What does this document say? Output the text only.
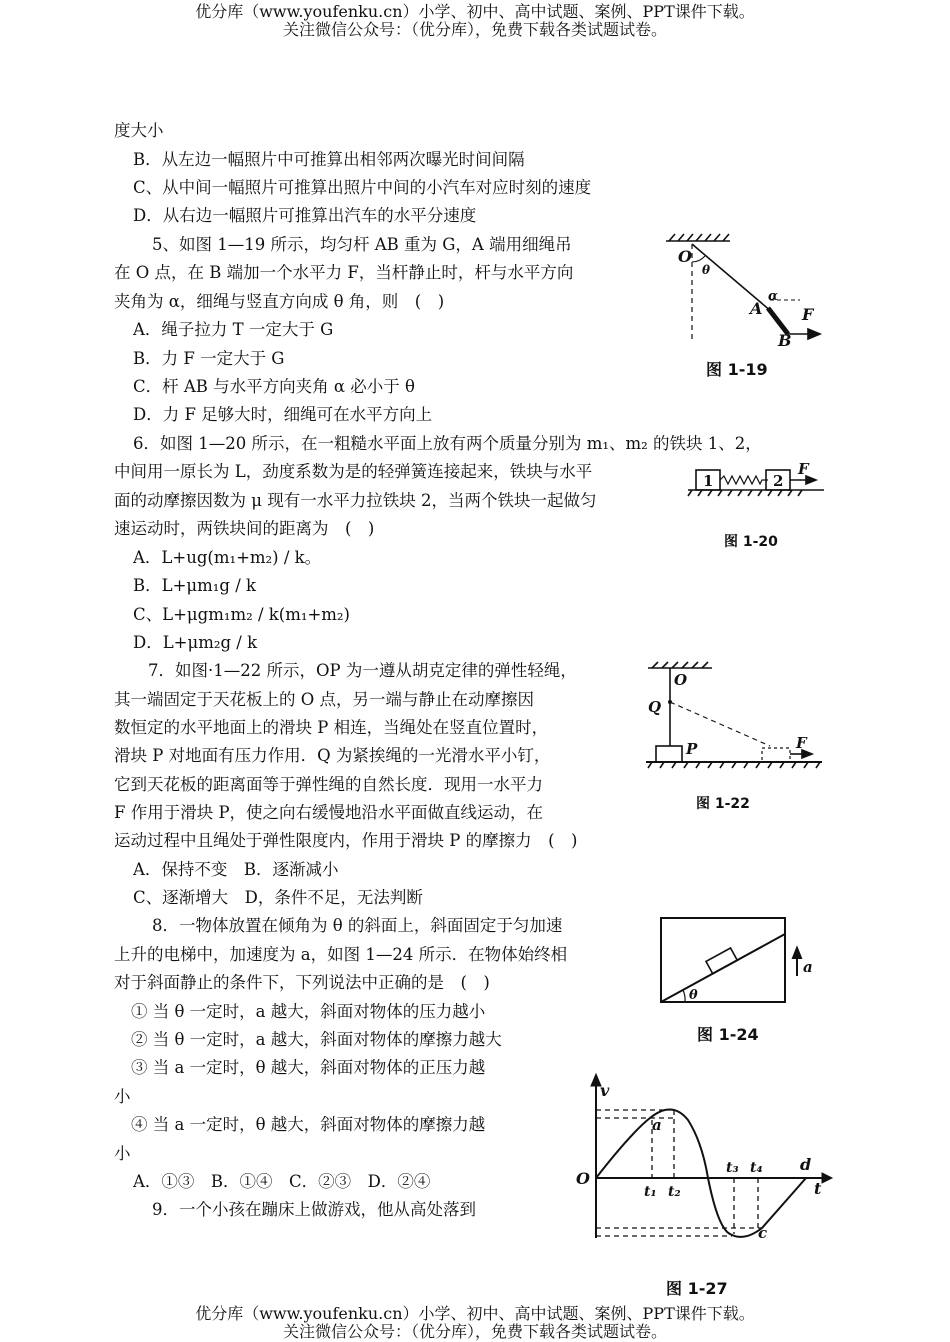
优分库（www.youfenku.cn）小学、初中、高中试题、案例、PPT课件下载。
关注微信公众号：（优分库），免费下载各类试题试卷。
度大小
B．从左边一幅照片中可推算出相邻两次曝光时间间隔
C、从中间一幅照片可推算出照片中间的小汽车对应时刻的速度
D．从右边一幅照片可推算出汽车的水平分速度
5、如图 1—19 所示，均匀杆 AB 重为 G，A 端用细绳吊
在 O 点，在 B 端加一个水平力 F，当杆静止时，杆与水平方向
夹角为 α，细绳与竖直方向成 θ 角，则　(　)
A．绳子拉力 T 一定大于 G
B．力 F 一定大于 G
C．杆 AB 与水平方向夹角 α 必小于 θ
D．力 F 足够大时，细绳可在水平方向上
6．如图 1—20 所示，在一粗糙水平面上放有两个质量分别为 m₁、m₂ 的铁块 1、2，
中间用一原长为 L，劲度系数为是的轻弹簧连接起来，铁块与水平
面的动摩擦因数为 μ 现有一水平力拉铁块 2，当两个铁块一起做匀
速运动时，两铁块间的距离为　(　)
A．L+ug(m₁+m₂) / k。
B．L+μm₁g / k
C、L+μgm₁m₂ / k(m₁+m₂)
D．L+μm₂g / k
7．如图·1—22 所示，OP 为一遵从胡克定律的弹性轻绳，
其一端固定于天花板上的 O 点，另一端与静止在动摩擦因
数恒定的水平地面上的滑块 P 相连，当绳处在竖直位置时，
滑块 P 对地面有压力作用．Q 为紧挨绳的一光滑水平小钉，
它到天花板的距离面等于弹性绳的自然长度．现用一水平力
F 作用于滑块 P，使之向右缓慢地沿水平面做直线运动，在
运动过程中且绳处于弹性限度内，作用于滑块 P 的摩擦力　(　)
A．保持不变　B．逐渐减小
C、逐渐增大　D，条件不足，无法判断
8．一物体放置在倾角为 θ 的斜面上，斜面固定于匀加速
上升的电梯中，加速度为 a，如图 1—24 所示．在物体始终相
对于斜面静止的条件下，下列说法中正确的是　(　)
① 当 θ 一定时，a 越大，斜面对物体的压力越小
② 当 θ 一定时，a 越大，斜面对物体的摩擦力越大
③ 当 a 一定时，θ 越大，斜面对物体的正压力越
小
④ 当 a 一定时，θ 越大，斜面对物体的摩擦力越
小
A．①③　B．①④　C．②③　D．②④
9．一个小孩在蹦床上做游戏，他从高处落到
O
θ
A
α
B
F
图 1-19
1	2
F
图 1-20
O
Q
P	F
图 1-22
θ
a
图 1-24
v
O
a
t₁ t₂
t₃ t₄ d
t
c
图 1-27
优分库（www.youfenku.cn）小学、初中、高中试题、案例、PPT课件下载。
关注微信公众号：（优分库），免费下载各类试题试卷。
